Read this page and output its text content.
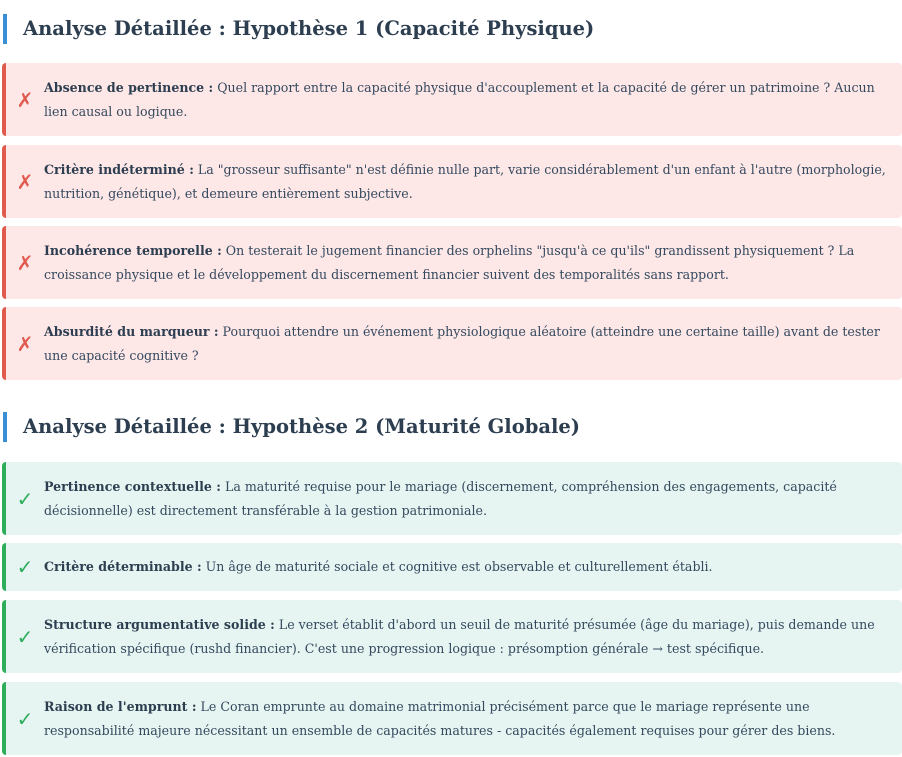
Analyse Détaillée : Hypothèse 1 (Capacité Physique)
✗ Absence de pertinence : Quel rapport entre la capacité physique d'accouplement et la capacité de gérer un patrimoine ? Aucun lien causal ou logique.
✗ Critère indéterminé : La "grosseur suffisante" n'est définie nulle part, varie considérablement d'un enfant à l'autre (morphologie, nutrition, génétique), et demeure entièrement subjective.
✗ Incohérence temporelle : On testerait le jugement financier des orphelins "jusqu'à ce qu'ils" grandissent physiquement ? La croissance physique et le développement du discernement financier suivent des temporalités sans rapport.
✗ Absurdité du marqueur : Pourquoi attendre un événement physiologique aléatoire (atteindre une certaine taille) avant de tester une capacité cognitive ?
Analyse Détaillée : Hypothèse 2 (Maturité Globale)
✓ Pertinence contextuelle : La maturité requise pour le mariage (discernement, compréhension des engagements, capacité décisionnelle) est directement transférable à la gestion patrimoniale.
✓ Critère déterminable : Un âge de maturité sociale et cognitive est observable et culturellement établi.
✓ Structure argumentative solide : Le verset établit d'abord un seuil de maturité présumée (âge du mariage), puis demande une vérification spécifique (rushd financier). C'est une progression logique : présomption générale → test spécifique.
✓ Raison de l'emprunt : Le Coran emprunte au domaine matrimonial précisément parce que le mariage représente une responsabilité majeure nécessitant un ensemble de capacités matures - capacités également requises pour gérer des biens.
